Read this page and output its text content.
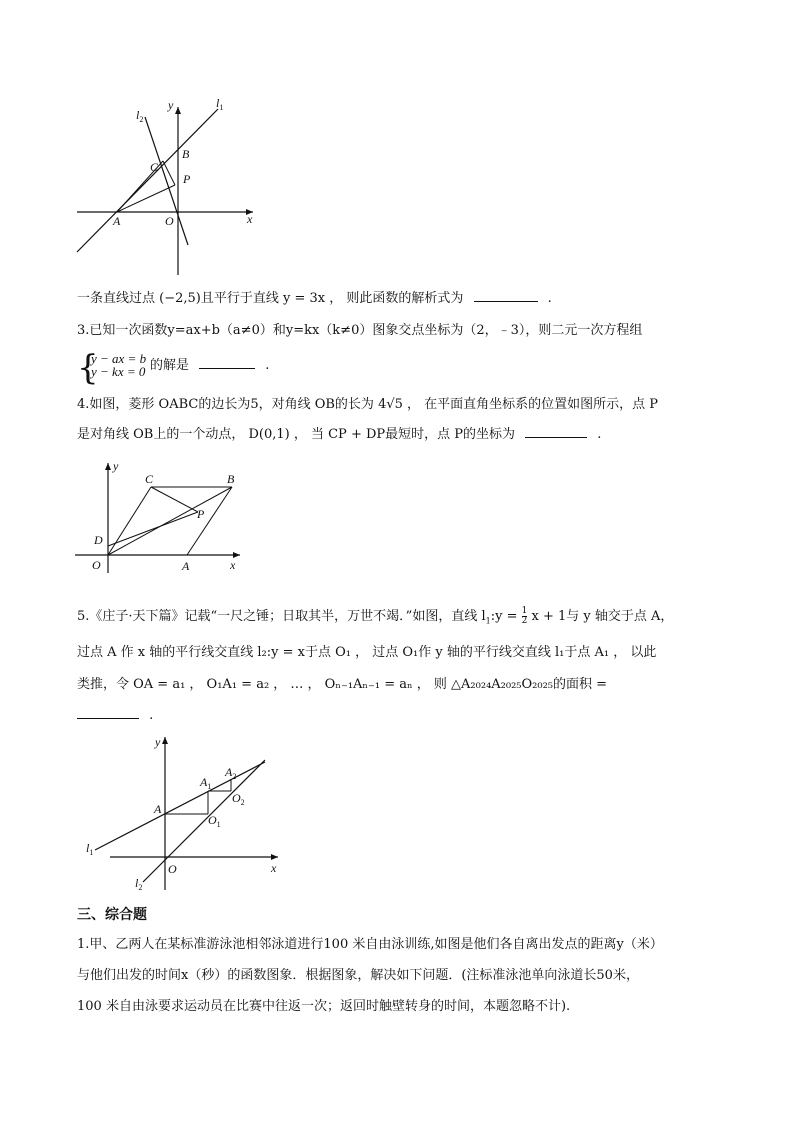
$l_2$
$l_1$
y
x
C
B
P
A	O
一条直线过点 (−2,5)且平行于直线 y = 3x ， 则此函数的解析式为	.
3.已知一次函数y=ax+b（a≠0）和y=kx（k≠0）图象交点坐标为（2，﹣3），则二元一次方程组
{
y − ax = b
y − kx = 0 的解是	.
4.如图，菱形 OABC的边长为5，对角线 OB的长为 4√5 ， 在平面直角坐标系的位置如图所示，点 P
是对角线 OB上的一个动点， D(0,1) ， 当 CP + DP最短时，点 P的坐标为	.
y
C	B
P
D
O	A	x
5.《庄子·天下篇》记载“一尺之锤；日取其半，万世不竭．”如图，直线 $l_1:y = \frac{1}{2}$ x + 1与 y 轴交于点 A，
过点 A 作 x 轴的平行线交直线 l₂:y = x于点 O₁ ， 过点 O₁作 y 轴的平行线交直线 l₁于点 A₁ ， 以此
类推，令 OA = a₁ ， O₁A₁ = a₂ ， … ， Oₙ₋₁Aₙ₋₁ = aₙ ， 则 △A₂₀₂₄A₂₀₂₅O₂₀₂₅的面积 =
.
y
$A_2$
$A_1$
$O_2$
A
$O_1$
$l_1$
O	x
$l_2$
三、综合题
1.甲、乙两人在某标准游泳池相邻泳道进行100 米自由泳训练,如图是他们各自离出发点的距离y（米）
与他们出发的时间x（秒）的函数图象．根据图象，解决如下问题．(注标准泳池单向泳道长50米，
100 米自由泳要求运动员在比赛中往返一次；返回时触壁转身的时间，本题忽略不计).
